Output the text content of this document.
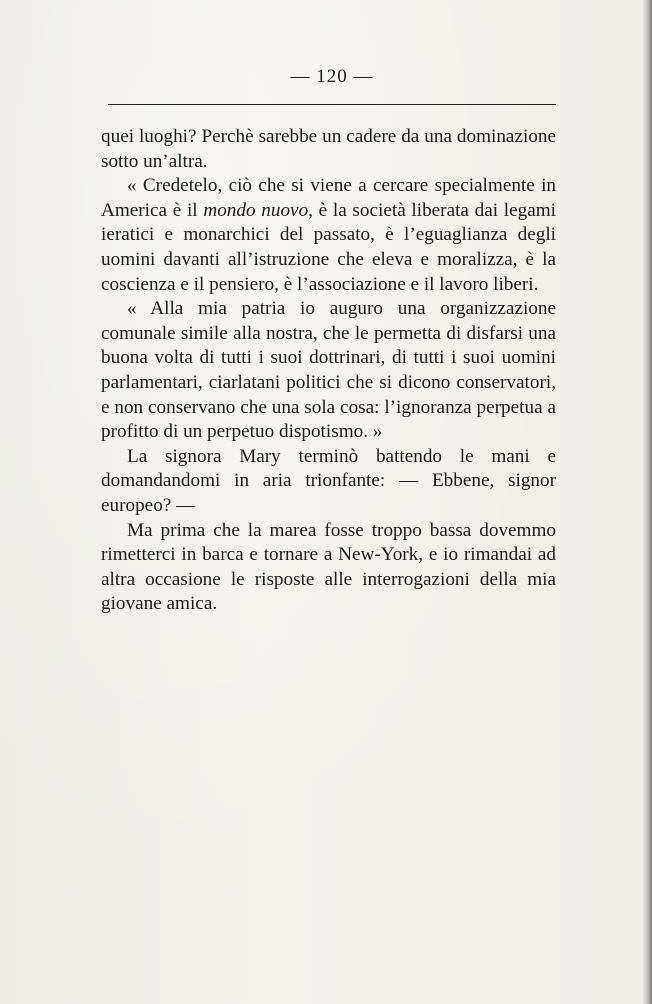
— 120 —

quei luoghi? Perchè sarebbe un cadere da una dominazione sotto un’altra.

« Credetelo, ciò che si viene a cercare specialmente in America è il mondo nuovo, è la società liberata dai legami ieratici e monarchici del passato, è l’eguaglianza degli uomini davanti all’istruzione che eleva e moralizza, è la coscienza e il pensiero, è l’associazione e il lavoro liberi.

« Alla mia patria io auguro una organizzazione comunale simile alla nostra, che le permetta di disfarsi una buona volta di tutti i suoi dottrinari, di tutti i suoi uomini parlamentari, ciarlatani politici che si dicono conservatori, e non conservano che una sola cosa: l’ignoranza perpetua a profitto di un perpetuo dispotismo. »

La signora Mary terminò battendo le mani e domandandomi in aria trionfante: — Ebbene, signor europeo? —

Ma prima che la marea fosse troppo bassa dovemmo rimetterci in barca e tornare a New-York, e io rimandai ad altra occasione le risposte alle interrogazioni della mia giovane amica.
